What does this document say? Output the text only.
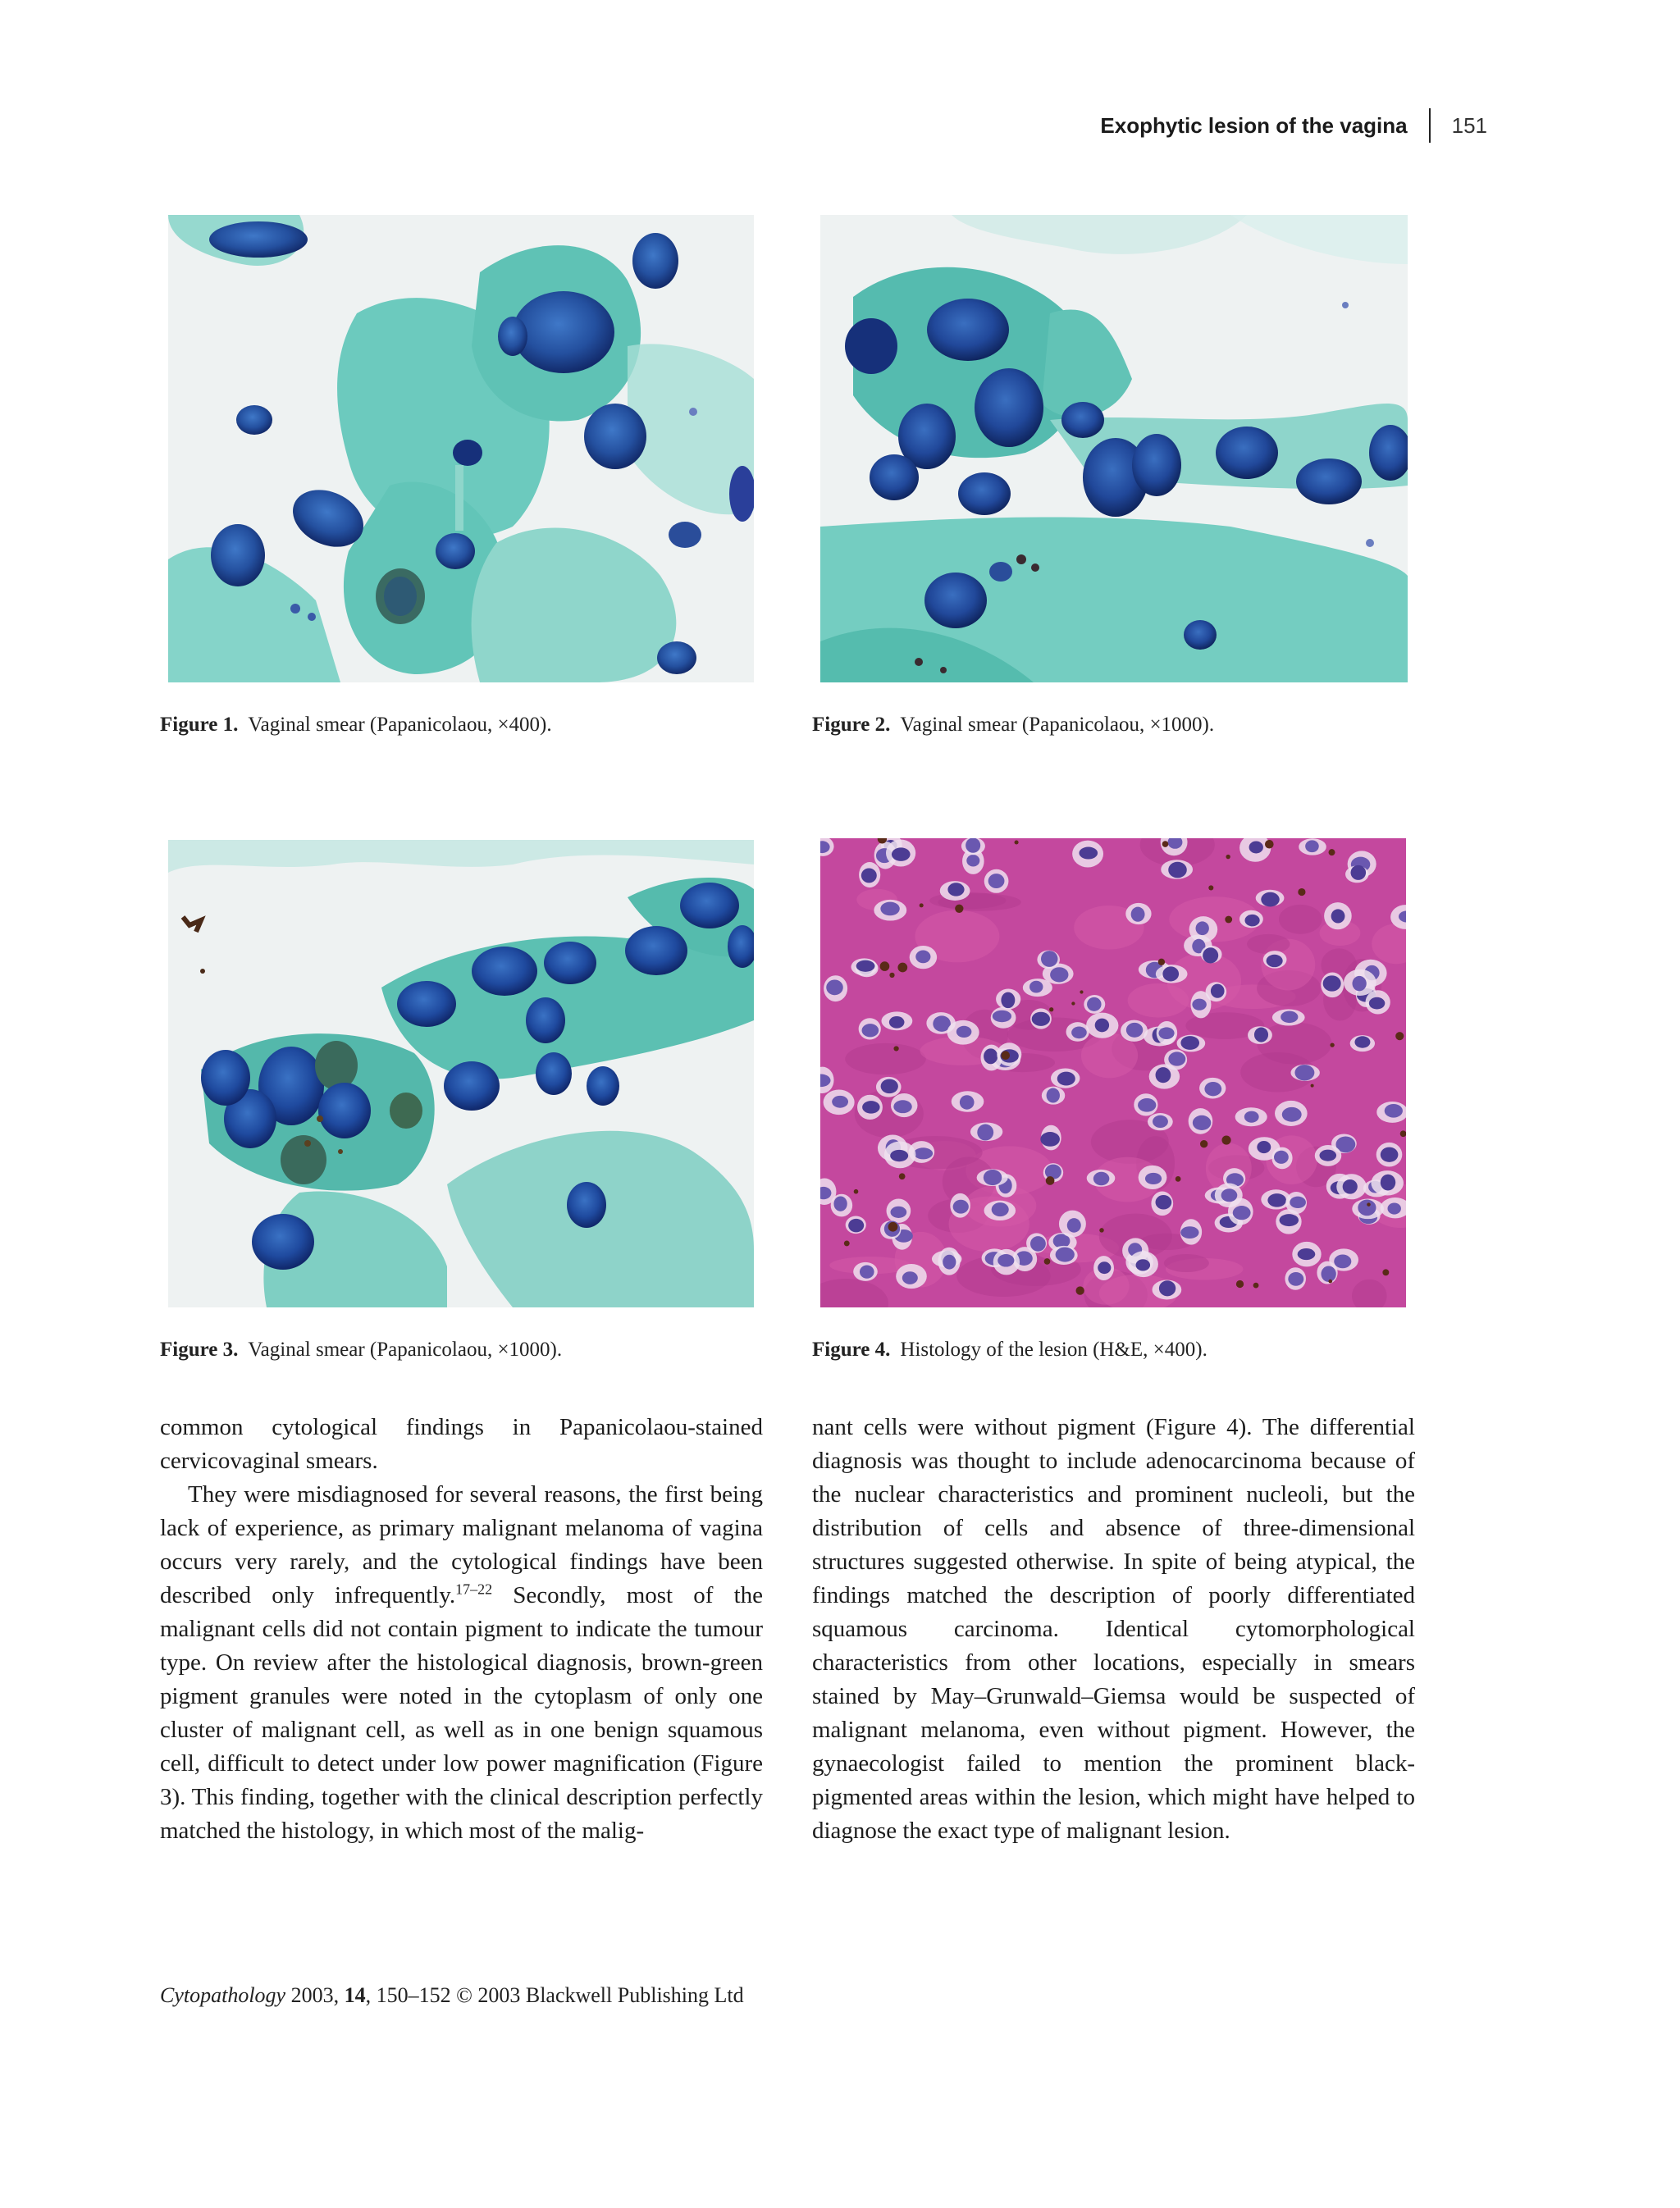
Exophytic lesion of the vagina 151
Figure 1. Vaginal smear (Papanicolaou, ×400).	Figure 2. Vaginal smear (Papanicolaou, ×1000).
Figure 3. Vaginal smear (Papanicolaou, ×1000).	Figure 4. Histology of the lesion (H&E, ×400).

common cytological findings in Papanicolaou-stained cervicovaginal smears.

They were misdiagnosed for several reasons, the first being lack of experience, as primary malignant melanoma of vagina occurs very rarely, and the cytological findings have been described only infrequently.$^{17-22}$ Secondly, most of the malignant cells did not contain pigment to indicate the tumour type. On review after the histological diagnosis, brown-green pigment granules were noted in the cytoplasm of only one cluster of malignant cell, as well as in one benign squamous cell, difficult to detect under low power magnification (Figure 3). This finding, together with the clinical description perfectly matched the histology, in which most of the malig-

nant cells were without pigment (Figure 4). The differential diagnosis was thought to include adenocarcinoma because of the nuclear characteristics and prominent nucleoli, but the distribution of cells and absence of three-dimensional structures suggested otherwise. In spite of being atypical, the findings matched the description of poorly differentiated squamous carcinoma. Identical cytomorphological characteristics from other locations, especially in smears stained by May–Grunwald–Giemsa would be suspected of malignant melanoma, even without pigment. However, the gynaecologist failed to mention the prominent black-pigmented areas within the lesion, which might have helped to diagnose the exact type of malignant lesion.

Cytopathology 2003, 14, 150–152 © 2003 Blackwell Publishing Ltd
